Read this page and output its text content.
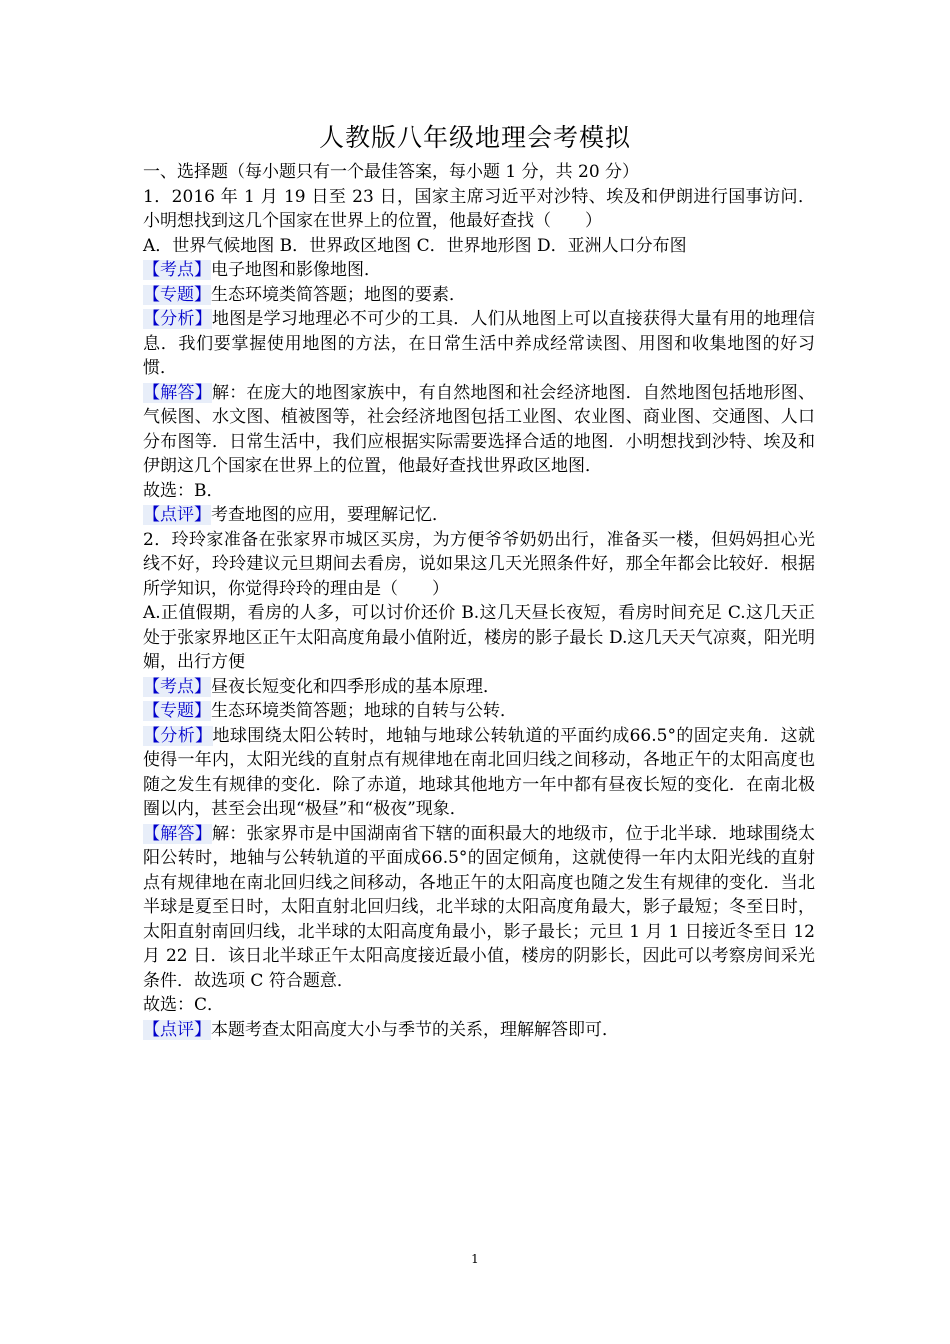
人教版八年级地理会考模拟

一、选择题（每小题只有一个最佳答案，每小题 1 分，共 20 分）

1．2016 年 1 月 19 日至 23 日，国家主席习近平对沙特、埃及和伊朗进行国事访问．小明想找到这几个国家在世界上的位置，他最好查找（　　）

A．世界气候地图 B．世界政区地图 C．世界地形图 D．亚洲人口分布图

【考点】电子地图和影像地图．

【专题】生态环境类简答题；地图的要素．

【分析】地图是学习地理必不可少的工具．人们从地图上可以直接获得大量有用的地理信息．我们要掌握使用地图的方法，在日常生活中养成经常读图、用图和收集地图的好习惯．

【解答】解：在庞大的地图家族中，有自然地图和社会经济地图．自然地图包括地形图、气候图、水文图、植被图等，社会经济地图包括工业图、农业图、商业图、交通图、人口分布图等．日常生活中，我们应根据实际需要选择合适的地图．小明想找到沙特、埃及和伊朗这几个国家在世界上的位置，他最好查找世界政区地图．

故选：B．

【点评】考查地图的应用，要理解记忆．

2．玲玲家准备在张家界市城区买房，为方便爷爷奶奶出行，准备买一楼，但妈妈担心光线不好，玲玲建议元旦期间去看房，说如果这几天光照条件好，那全年都会比较好．根据所学知识，你觉得玲玲的理由是（　　）

A.正值假期，看房的人多，可以讨价还价 B.这几天昼长夜短，看房时间充足 C.这几天正处于张家界地区正午太阳高度角最小值附近，楼房的影子最长 D.这几天天气凉爽，阳光明媚，出行方便

【考点】昼夜长短变化和四季形成的基本原理．

【专题】生态环境类简答题；地球的自转与公转．

【分析】地球围绕太阳公转时，地轴与地球公转轨道的平面约成66.5°的固定夹角．这就使得一年内，太阳光线的直射点有规律地在南北回归线之间移动，各地正午的太阳高度也随之发生有规律的变化．除了赤道，地球其他地方一年中都有昼夜长短的变化．在南北极圈以内，甚至会出现“极昼”和“极夜”现象．

【解答】解：张家界市是中国湖南省下辖的面积最大的地级市，位于北半球．地球围绕太阳公转时，地轴与公转轨道的平面成66.5°的固定倾角，这就使得一年内太阳光线的直射点有规律地在南北回归线之间移动，各地正午的太阳高度也随之发生有规律的变化．当北半球是夏至日时，太阳直射北回归线，北半球的太阳高度角最大，影子最短；冬至日时，太阳直射南回归线，北半球的太阳高度角最小，影子最长；元旦 1 月 1 日接近冬至日 12 月 22 日．该日北半球正午太阳高度接近最小值，楼房的阴影长，因此可以考察房间采光条件．故选项 C 符合题意．

故选：C．

【点评】本题考查太阳高度大小与季节的关系，理解解答即可．

1
